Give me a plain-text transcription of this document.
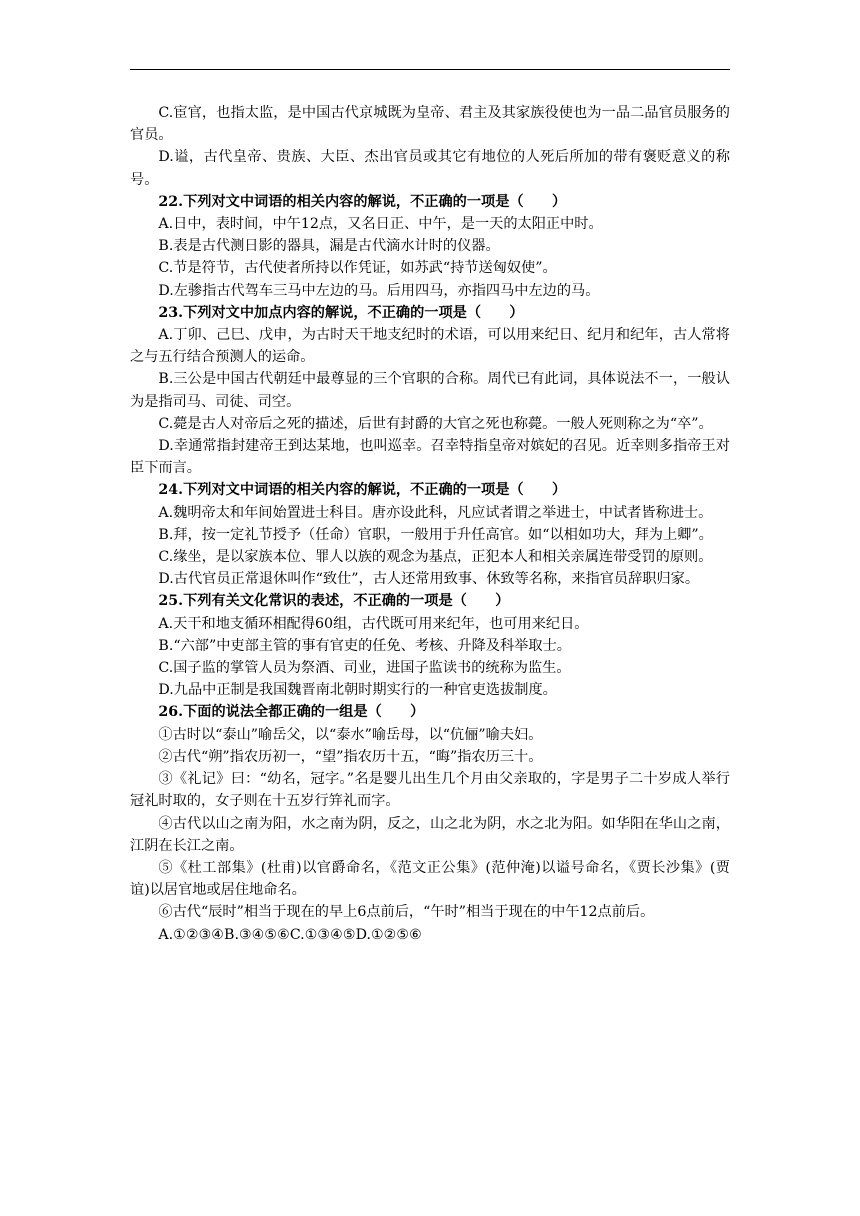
C.宦官，也指太监，是中国古代京城既为皇帝、君主及其家族役使也为一品二品官员服务的官员。

D.谥，古代皇帝、贵族、大臣、杰出官员或其它有地位的人死后所加的带有褒贬意义的称号。

22.下列对文中词语的相关内容的解说，不正确的一项是（　　）

A.日中，表时间，中午12点，又名日正、中午，是一天的太阳正中时。

B.表是古代测日影的器具，漏是古代滴水计时的仪器。

C.节是符节，古代使者所持以作凭证，如苏武“持节送匈奴使”。

D.左骖指古代驾车三马中左边的马。后用四马，亦指四马中左边的马。

23.下列对文中加点内容的解说，不正确的一项是（　　）

A.丁卯、己巳、戊申，为古时天干地支纪时的术语，可以用来纪日、纪月和纪年，古人常将之与五行结合预测人的运命。

B.三公是中国古代朝廷中最尊显的三个官职的合称。周代已有此词，具体说法不一，一般认为是指司马、司徒、司空。

C.薨是古人对帝后之死的描述，后世有封爵的大官之死也称薨。一般人死则称之为“卒”。

D.幸通常指封建帝王到达某地，也叫巡幸。召幸特指皇帝对嫔妃的召见。近幸则多指帝王对臣下而言。

24.下列对文中词语的相关内容的解说，不正确的一项是（　　）

A.魏明帝太和年间始置进士科目。唐亦设此科，凡应试者谓之举进士，中试者皆称进士。

B.拜，按一定礼节授予（任命）官职，一般用于升任高官。如“以相如功大，拜为上卿”。

C.缘坐，是以家族本位、罪人以族的观念为基点，正犯本人和相关亲属连带受罚的原则。

D.古代官员正常退休叫作“致仕”，古人还常用致事、休致等名称，来指官员辞职归家。

25.下列有关文化常识的表述，不正确的一项是（　　）

A.天干和地支循环相配得60组，古代既可用来纪年，也可用来纪日。

B.“六部”中吏部主管的事有官吏的任免、考核、升降及科举取士。

C.国子监的掌管人员为祭酒、司业，进国子监读书的统称为监生。

D.九品中正制是我国魏晋南北朝时期实行的一种官吏选拔制度。

26.下面的说法全都正确的一组是（　　）

①古时以“泰山”喻岳父，以“泰水”喻岳母，以“伉俪”喻夫妇。

②古代“朔”指农历初一，“望”指农历十五，“晦”指农历三十。

③《礼记》曰：“幼名，冠字。”名是婴儿出生几个月由父亲取的，字是男子二十岁成人举行冠礼时取的，女子则在十五岁行笄礼而字。

④古代以山之南为阳，水之南为阴，反之，山之北为阴，水之北为阳。如华阳在华山之南，江阴在长江之南。

⑤《杜工部集》(杜甫)以官爵命名，《范文正公集》(范仲淹)以谥号命名，《贾长沙集》(贾谊)以居官地或居住地命名。

⑥古代“辰时”相当于现在的早上6点前后，“午时”相当于现在的中午12点前后。

A.①②③④B.③④⑤⑥C.①③④⑤D.①②⑤⑥
